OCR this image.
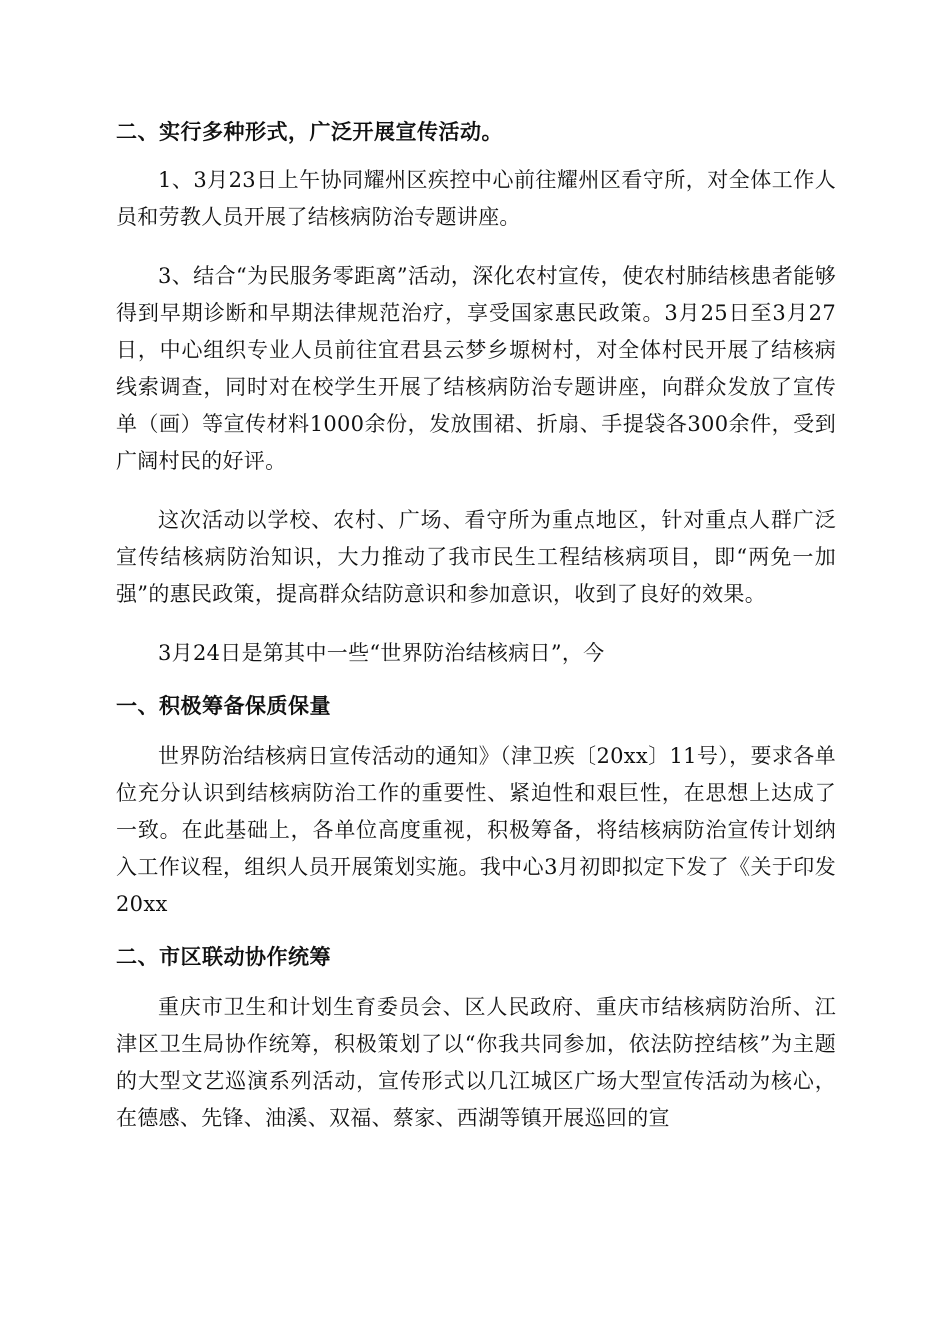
二、实行多种形式，广泛开展宣传活动。

1、3月23日上午协同耀州区疾控中心前往耀州区看守所，对全体工作人员和劳教人员开展了结核病防治专题讲座。

3、结合“为民服务零距离”活动，深化农村宣传，使农村肺结核患者能够得到早期诊断和早期法律规范治疗，享受国家惠民政策。3月25日至3月27日，中心组织专业人员前往宜君县云梦乡塬树村，对全体村民开展了结核病线索调查，同时对在校学生开展了结核病防治专题讲座，向群众发放了宣传单（画）等宣传材料1000余份，发放围裙、折扇、手提袋各300余件，受到广阔村民的好评。

这次活动以学校、农村、广场、看守所为重点地区，针对重点人群广泛宣传结核病防治知识，大力推动了我市民生工程结核病项目，即“两免一加强”的惠民政策，提高群众结防意识和参加意识，收到了良好的效果。

3月24日是第其中一些“世界防治结核病日”，今

一、积极筹备保质保量

世界防治结核病日宣传活动的通知》（津卫疾〔20xx〕11号），要求各单位充分认识到结核病防治工作的重要性、紧迫性和艰巨性，在思想上达成了一致。在此基础上，各单位高度重视，积极筹备，将结核病防治宣传计划纳入工作议程，组织人员开展策划实施。我中心3月初即拟定下发了《关于印发20xx

二、市区联动协作统筹

重庆市卫生和计划生育委员会、区人民政府、重庆市结核病防治所、江津区卫生局协作统筹，积极策划了以“你我共同参加，依法防控结核”为主题的大型文艺巡演系列活动，宣传形式以几江城区广场大型宣传活动为核心，在德感、先锋、油溪、双福、蔡家、西湖等镇开展巡回的宣
